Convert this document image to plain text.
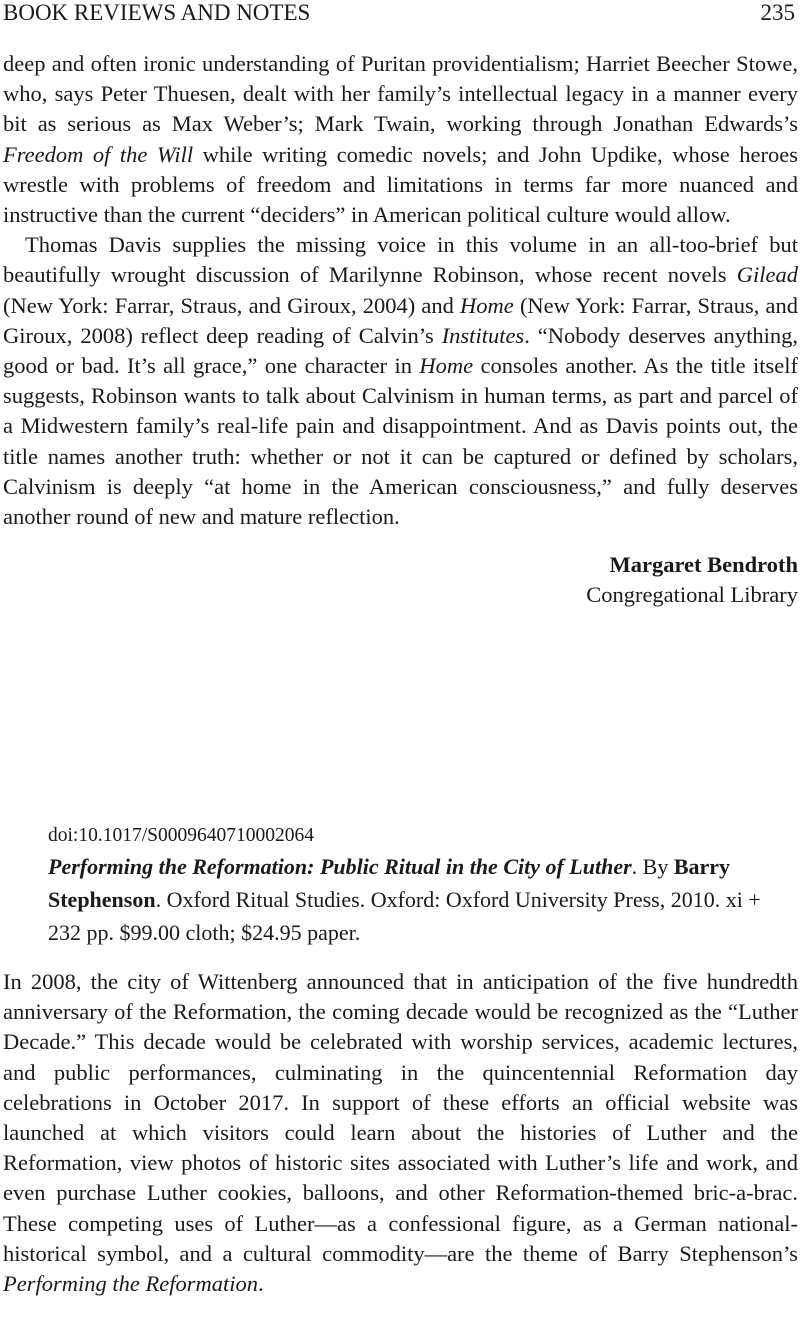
BOOK REVIEWS AND NOTES	235

deep and often ironic understanding of Puritan providentialism; Harriet Beecher Stowe, who, says Peter Thuesen, dealt with her family’s intellectual legacy in a manner every bit as serious as Max Weber’s; Mark Twain, working through Jonathan Edwards’s Freedom of the Will while writing comedic novels; and John Updike, whose heroes wrestle with problems of freedom and limitations in terms far more nuanced and instructive than the current “deciders” in American political culture would allow.

Thomas Davis supplies the missing voice in this volume in an all-too-brief but beautifully wrought discussion of Marilynne Robinson, whose recent novels Gilead (New York: Farrar, Straus, and Giroux, 2004) and Home (New York: Farrar, Straus, and Giroux, 2008) reflect deep reading of Calvin’s Institutes. “Nobody deserves anything, good or bad. It’s all grace,” one character in Home consoles another. As the title itself suggests, Robinson wants to talk about Calvinism in human terms, as part and parcel of a Midwestern family’s real-life pain and disappointment. And as Davis points out, the title names another truth: whether or not it can be captured or defined by scholars, Calvinism is deeply “at home in the American consciousness,” and fully deserves another round of new and mature reflection.

Margaret Bendroth
Congregational Library
doi:10.1017/S0009640710002064
Performing the Reformation: Public Ritual in the City of Luther. By Barry Stephenson. Oxford Ritual Studies. Oxford: Oxford University Press, 2010. xi + 232 pp. $99.00 cloth; $24.95 paper.

In 2008, the city of Wittenberg announced that in anticipation of the five hundredth anniversary of the Reformation, the coming decade would be recognized as the “Luther Decade.” This decade would be celebrated with worship services, academic lectures, and public performances, culminating in the quincentennial Reformation day celebrations in October 2017. In support of these efforts an official website was launched at which visitors could learn about the histories of Luther and the Reformation, view photos of historic sites associated with Luther’s life and work, and even purchase Luther cookies, balloons, and other Reformation-themed bric-a-brac. These competing uses of Luther—as a confessional figure, as a German national-historical symbol, and a cultural commodity—are the theme of Barry Stephenson’s Performing the Reformation.
